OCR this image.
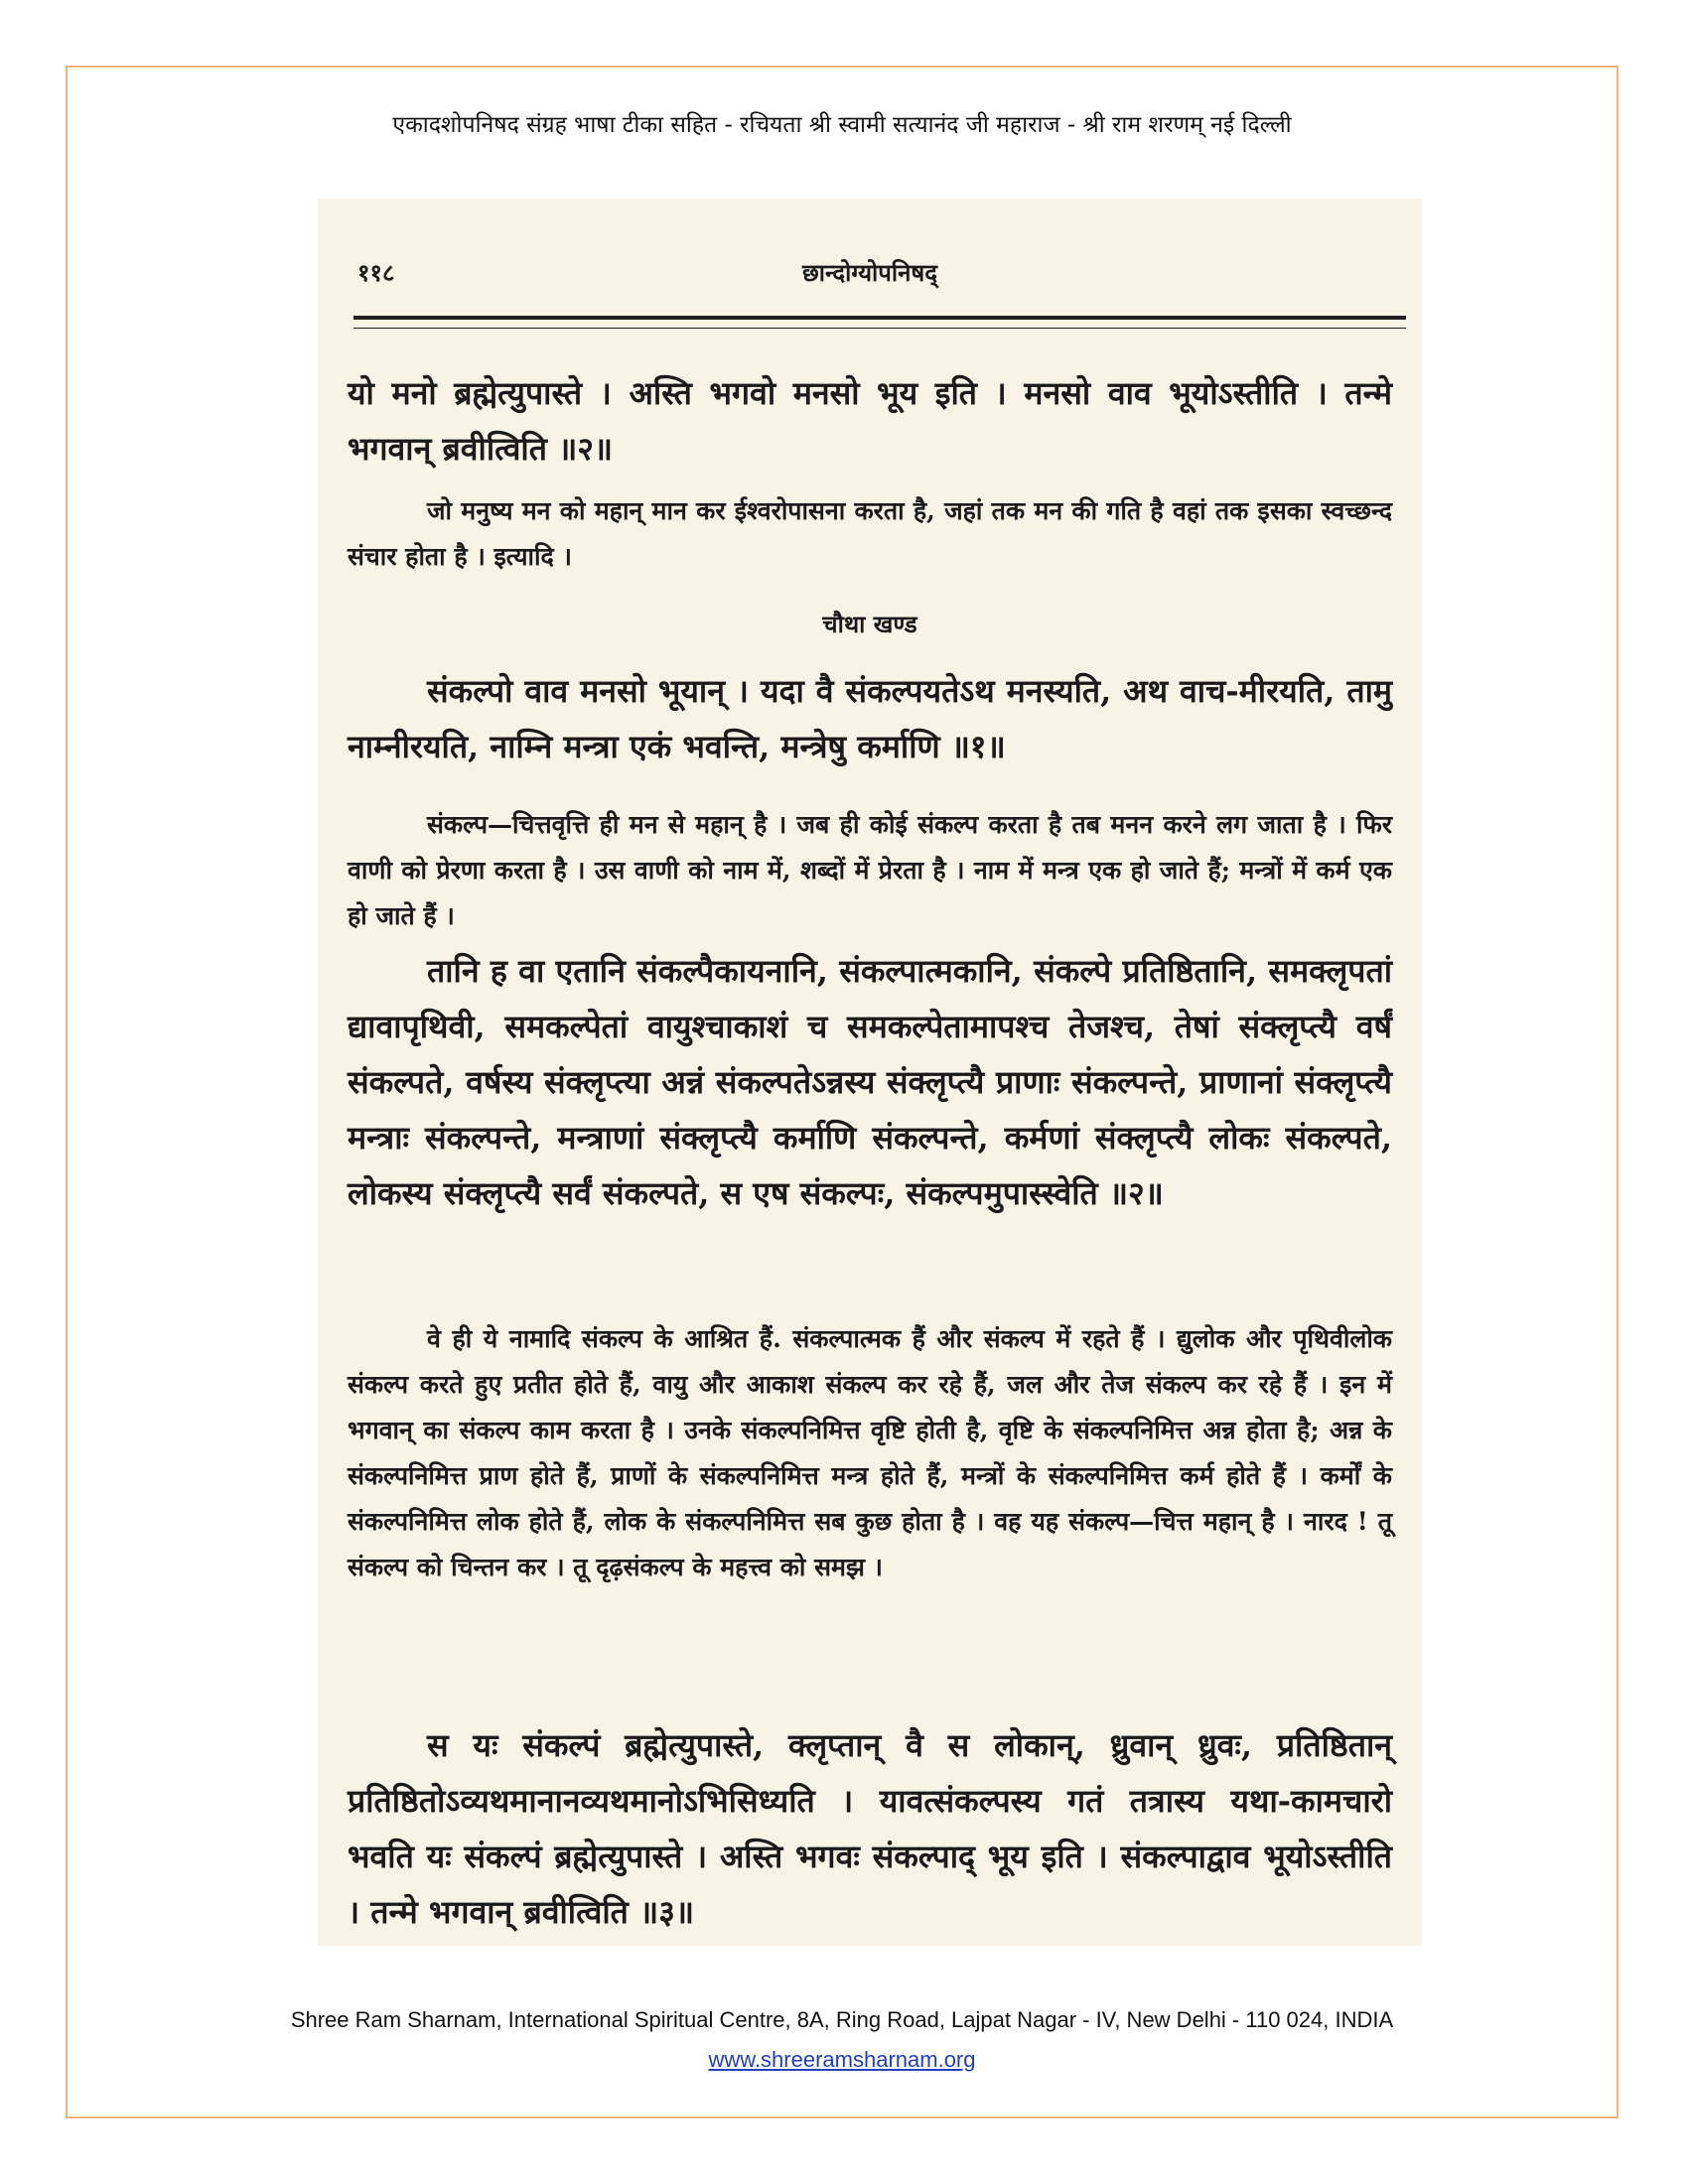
एकादशोपनिषद संग्रह भाषा टीका सहित - रचियता श्री स्वामी सत्यानंद जी महाराज - श्री राम शरणम् नई दिल्ली
११८	छान्दोग्योपनिषद्
यो मनो ब्रह्मेत्युपास्ते । अस्ति भगवो मनसो भूय इति । मनसो वाव भूयोऽस्तीति । तन्मे भगवान् ब्रवीत्विति ॥२॥
जो मनुष्य मन को महान् मान कर ईश्वरोपासना करता है, जहां तक मन की गति है वहां तक इसका स्वच्छन्द संचार होता है । इत्यादि ।
चौथा खण्ड
संकल्पो वाव मनसो भूयान् । यदा वै संकल्पयतेऽथ मनस्यति, अथ वाच-मीरयति, तामु नाम्नीरयति, नाम्नि मन्त्रा एकं भवन्ति, मन्त्रेषु कर्माणि ॥१॥
संकल्प—चित्तवृत्ति ही मन से महान् है । जब ही कोई संकल्प करता है तब मनन करने लग जाता है । फिर वाणी को प्रेरणा करता है । उस वाणी को नाम में, शब्दों में प्रेरता है । नाम में मन्त्र एक हो जाते हैं; मन्त्रों में कर्म एक हो जाते हैं ।
तानि ह वा एतानि संकल्पैकायनानि, संकल्पात्मकानि, संकल्पे प्रतिष्ठितानि, समक्लृपतां द्यावापृथिवी, समकल्पेतां वायुश्चाकाशं च समकल्पेतामापश्च तेजश्च, तेषां संक्लृप्त्यै वर्षं संकल्पते, वर्षस्य संक्लृप्त्या अन्नं संकल्पतेऽन्नस्य संक्लृप्त्यै प्राणाः संकल्पन्ते, प्राणानां संक्लृप्त्यै मन्त्राः संकल्पन्ते, मन्त्राणां संक्लृप्त्यै कर्माणि संकल्पन्ते, कर्मणां संक्लृप्त्यै लोकः संकल्पते, लोकस्य संक्लृप्त्यै सर्वं संकल्पते, स एष संकल्पः, संकल्पमुपास्स्वेति ॥२॥
वे ही ये नामादि संकल्प के आश्रित हैं. संकल्पात्मक हैं और संकल्प में रहते हैं । द्युलोक और पृथिवीलोक संकल्प करते हुए प्रतीत होते हैं, वायु और आकाश संकल्प कर रहे हैं, जल और तेज संकल्प कर रहे हैं । इन में भगवान् का संकल्प काम करता है । उनके संकल्पनिमित्त वृष्टि होती है, वृष्टि के संकल्पनिमित्त अन्न होता है; अन्न के संकल्पनिमित्त प्राण होते हैं, प्राणों के संकल्पनिमित्त मन्त्र होते हैं, मन्त्रों के संकल्पनिमित्त कर्म होते हैं । कर्मों के संकल्पनिमित्त लोक होते हैं, लोक के संकल्पनिमित्त सब कुछ होता है । वह यह संकल्प—चित्त महान् है । नारद ! तू संकल्प को चिन्तन कर । तू दृढ़संकल्प के महत्त्व को समझ ।
स यः संकल्पं ब्रह्मेत्युपास्ते, क्लृप्तान् वै स लोकान्, ध्रुवान् ध्रुवः, प्रतिष्ठितान् प्रतिष्ठितोऽव्यथमानानव्यथमानोऽभिसिध्यति । यावत्संकल्पस्य गतं तत्रास्य यथा-कामचारो भवति यः संकल्पं ब्रह्मेत्युपास्ते । अस्ति भगवः संकल्पाद् भूय इति । संकल्पाद्वाव भूयोऽस्तीति । तन्मे भगवान् ब्रवीत्विति ॥३॥
Shree Ram Sharnam, International Spiritual Centre, 8A, Ring Road, Lajpat Nagar - IV, New Delhi - 110 024, INDIA
www.shreeramsharnam.org
